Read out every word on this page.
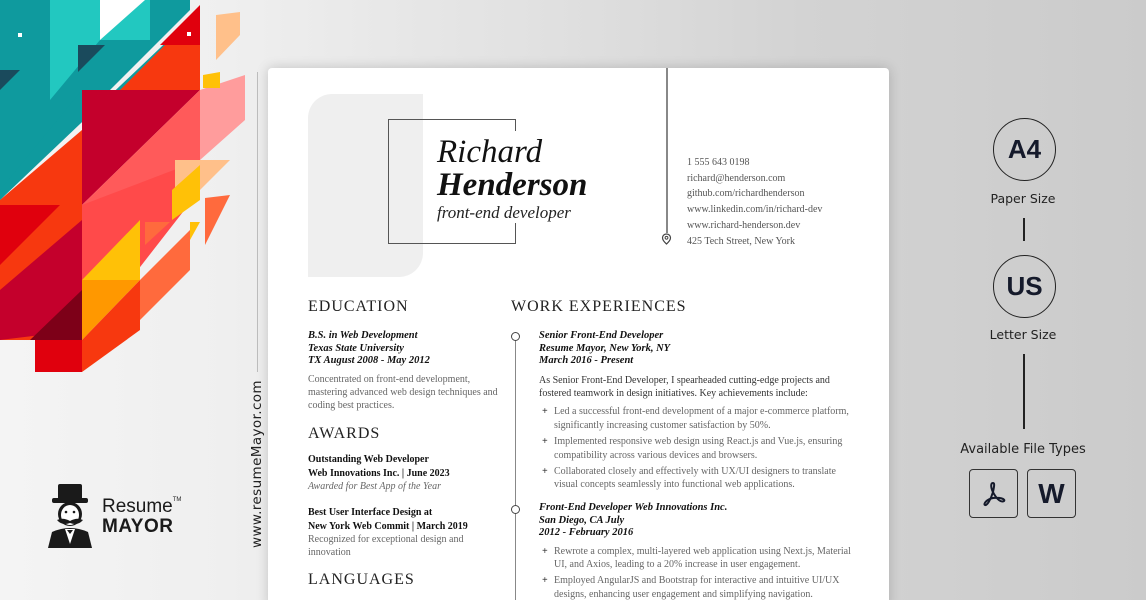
www.resumeMayor.com
Resume™
MAYOR
Richard
Henderson
front-end developer
1 555 643 0198
richard@henderson.com
github.com/richardhenderson
www.linkedin.com/in/richard-dev
www.richard-henderson.dev
425 Tech Street, New York
EDUCATION
B.S. in Web Development
Texas State University
TX August 2008 - May 2012
Concentrated on front-end development, mastering advanced web design techniques and coding best practices.
AWARDS
Outstanding Web Developer
Web Innovations Inc. | June 2023
Awarded for Best App of the Year
Best User Interface Design at
New York Web Commit | March 2019
Recognized for exceptional design and innovation
LANGUAGES
WORK EXPERIENCES
Senior Front-End Developer
Resume Mayor, New York, NY
March 2016 - Present
As Senior Front-End Developer, I spearheaded cutting-edge projects and fostered teamwork in design initiatives. Key achievements include:
+ Led a successful front-end development of a major e-commerce platform, significantly increasing customer satisfaction by 50%.
+ Implemented responsive web design using React.js and Vue.js, ensuring compatibility across various devices and browsers.
+ Collaborated closely and effectively with UX/UI designers to translate visual concepts seamlessly into functional web applications.
Front-End Developer Web Innovations Inc.
San Diego, CA July
2012 - February 2016
+ Rewrote a complex, multi-layered web application using Next.js, Material UI, and Axios, leading to a 20% increase in user engagement.
+ Employed AngularJS and Bootstrap for interactive and intuitive UI/UX designs, enhancing user engagement and simplifying navigation.
A4
Paper Size
US
Letter Size
Available File Types
W
